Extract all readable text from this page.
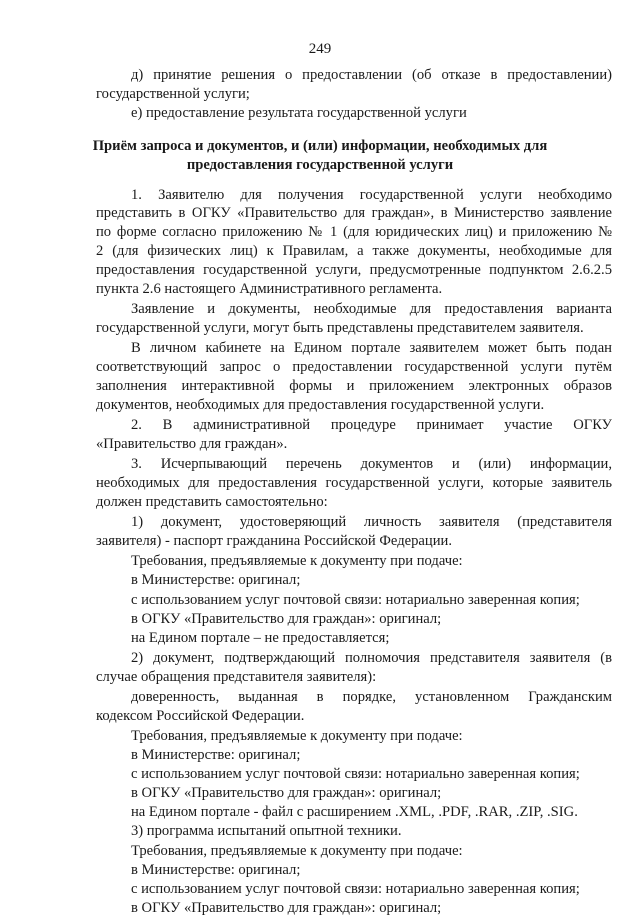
249
д) принятие решения о предоставлении (об отказе в предоставлении)
государственной услуги;
е) предоставление результата государственной услуги
Приём запроса и документов, и (или) информации, необходимых для
предоставления государственной услуги
1. Заявителю для получения государственной услуги необходимо
представить в ОГКУ «Правительство для граждан», в Министерство заявление
по форме согласно приложению № 1 (для юридических лиц) и приложению №
2 (для физических лиц) к Правилам, а также документы, необходимые для
предоставления государственной услуги, предусмотренные подпунктом 2.6.2.5
пункта 2.6 настоящего Административного регламента.
Заявление и документы, необходимые для предоставления варианта
государственной услуги, могут быть представлены представителем заявителя.
В личном кабинете на Едином портале заявителем может быть подан
соответствующий запрос о предоставлении государственной услуги путём
заполнения интерактивной формы и приложением электронных образов
документов, необходимых для предоставления государственной услуги.
2. В административной процедуре принимает участие ОГКУ
«Правительство для граждан».
3. Исчерпывающий перечень документов и (или) информации,
необходимых для предоставления государственной услуги, которые заявитель
должен представить самостоятельно:
1) документ, удостоверяющий личность заявителя (представителя
заявителя) - паспорт гражданина Российской Федерации.
Требования, предъявляемые к документу при подаче:
в Министерстве: оригинал;
с использованием услуг почтовой связи: нотариально заверенная копия;
в ОГКУ «Правительство для граждан»: оригинал;
на Едином портале – не предоставляется;
2) документ, подтверждающий полномочия представителя заявителя (в
случае обращения представителя заявителя):
доверенность, выданная в порядке, установленном Гражданским
кодексом Российской Федерации.
Требования, предъявляемые к документу при подаче:
в Министерстве: оригинал;
с использованием услуг почтовой связи: нотариально заверенная копия;
в ОГКУ «Правительство для граждан»: оригинал;
на Едином портале - файл с расширением .XML, .PDF, .RAR, .ZIP, .SIG.
3) программа испытаний опытной техники.
Требования, предъявляемые к документу при подаче:
в Министерстве: оригинал;
с использованием услуг почтовой связи: нотариально заверенная копия;
в ОГКУ «Правительство для граждан»: оригинал;
